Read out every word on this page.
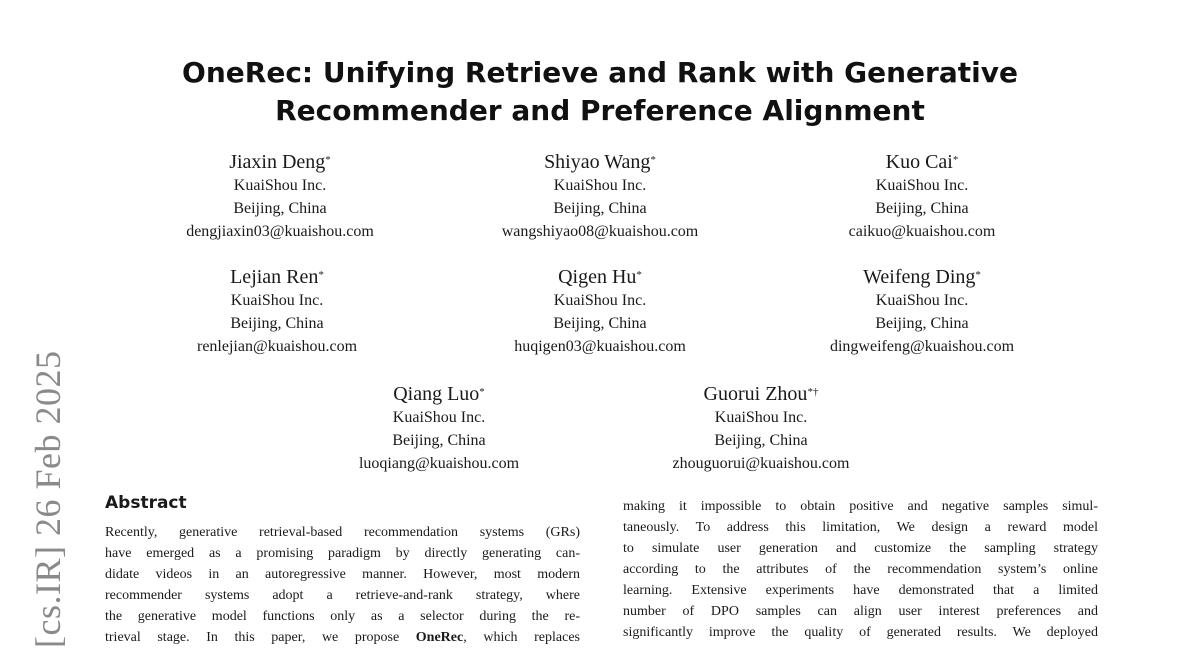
[cs.IR] 26 Feb 2025
OneRec: Unifying Retrieve and Rank with Generative
Recommender and Preference Alignment
Jiaxin Deng*
KuaiShou Inc.
Beijing, China
dengjiaxin03@kuaishou.com
Shiyao Wang*
KuaiShou Inc.
Beijing, China
wangshiyao08@kuaishou.com
Kuo Cai*
KuaiShou Inc.
Beijing, China
caikuo@kuaishou.com
Lejian Ren*
KuaiShou Inc.
Beijing, China
renlejian@kuaishou.com
Qigen Hu*
KuaiShou Inc.
Beijing, China
huqigen03@kuaishou.com
Weifeng Ding*
KuaiShou Inc.
Beijing, China
dingweifeng@kuaishou.com
Qiang Luo*
KuaiShou Inc.
Beijing, China
luoqiang@kuaishou.com
Guorui Zhou*†
KuaiShou Inc.
Beijing, China
zhouguorui@kuaishou.com
Abstract
Recently, generative retrieval-based recommendation systems (GRs)
have emerged as a promising paradigm by directly generating can-
didate videos in an autoregressive manner. However, most modern
recommender systems adopt a retrieve-and-rank strategy, where
the generative model functions only as a selector during the re-
trieval stage. In this paper, we propose OneRec, which replaces
making it impossible to obtain positive and negative samples simul-
taneously. To address this limitation, We design a reward model
to simulate user generation and customize the sampling strategy
according to the attributes of the recommendation system’s online
learning. Extensive experiments have demonstrated that a limited
number of DPO samples can align user interest preferences and
significantly improve the quality of generated results. We deployed
